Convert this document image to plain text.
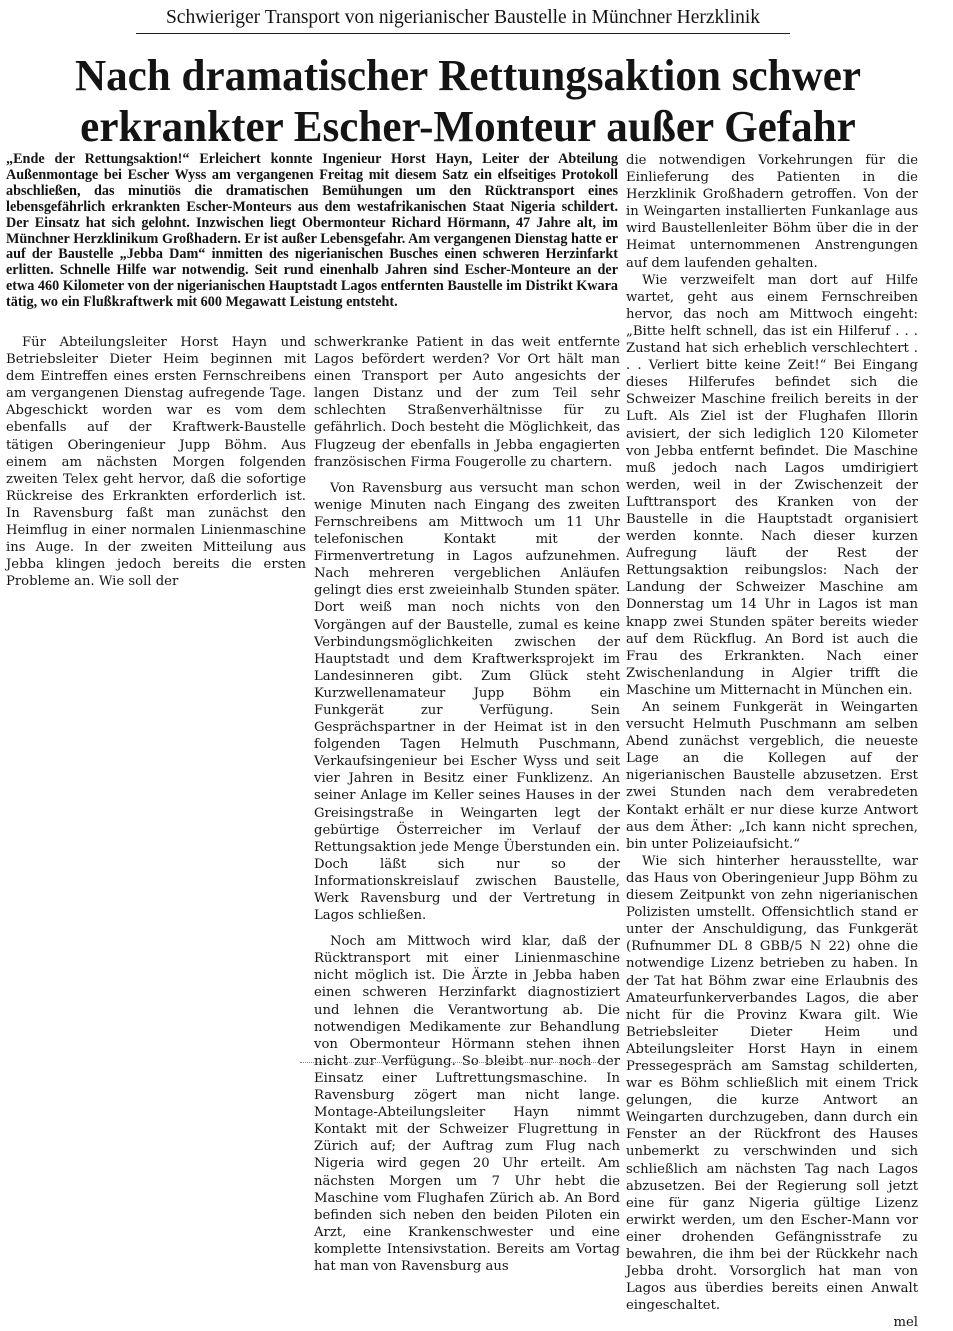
Schwieriger Transport von nigerianischer Baustelle in Münchner Herzklinik
Nach dramatischer Rettungsaktion schwer
erkrankter Escher-Monteur außer Gefahr

„Ende der Rettungsaktion!“ Erleichert konnte Ingenieur Horst Hayn, Leiter der Abteilung Außenmontage bei Escher Wyss am vergangenen Freitag mit diesem Satz ein elfseitiges Protokoll abschließen, das minutiös die dramatischen Bemühungen um den Rücktransport eines lebensgefährlich erkrankten Escher-Monteurs aus dem westafrikanischen Staat Nigeria schildert. Der Einsatz hat sich gelohnt. Inzwischen liegt Obermonteur Richard Hörmann, 47 Jahre alt, im Münchner Herzklinikum Großhadern. Er ist außer Lebensgefahr. Am vergangenen Dienstag hatte er auf der Baustelle „Jebba Dam“ inmitten des nigerianischen Busches einen schweren Herzinfarkt erlitten. Schnelle Hilfe war notwendig. Seit rund einenhalb Jahren sind Escher-Monteure an der etwa 460 Kilometer von der nigerianischen Hauptstadt Lagos entfernten Baustelle im Distrikt Kwara tätig, wo ein Flußkraftwerk mit 600 Megawatt Leistung entsteht.

Für Abteilungsleiter Horst Hayn und Betriebsleiter Dieter Heim beginnen mit dem Eintreffen eines ersten Fernschreibens am vergangenen Dienstag aufregende Tage. Abgeschickt worden war es vom dem ebenfalls auf der Kraftwerk-Baustelle tätigen Oberingenieur Jupp Böhm. Aus einem am nächsten Morgen folgenden zweiten Telex geht hervor, daß die sofortige Rückreise des Erkrankten erforderlich ist. In Ravensburg faßt man zunächst den Heimflug in einer normalen Linienmaschine ins Auge. In der zweiten Mitteilung aus Jebba klingen jedoch bereits die ersten Probleme an. Wie soll der

schwerkranke Patient in das weit entfernte Lagos befördert werden? Vor Ort hält man einen Transport per Auto angesichts der langen Distanz und der zum Teil sehr schlechten Straßenverhältnisse für zu gefährlich. Doch besteht die Möglichkeit, das Flugzeug der ebenfalls in Jebba engagierten französischen Firma Fougerolle zu chartern.

Von Ravensburg aus versucht man schon wenige Minuten nach Eingang des zweiten Fernschreibens am Mittwoch um 11 Uhr telefonischen Kontakt mit der Firmenvertretung in Lagos aufzunehmen. Nach mehreren vergeblichen Anläufen gelingt dies erst zweieinhalb Stunden später. Dort weiß man noch nichts von den Vorgängen auf der Baustelle, zumal es keine Verbindungsmöglichkeiten zwischen der Hauptstadt und dem Kraftwerksprojekt im Landesinneren gibt. Zum Glück steht Kurzwellenamateur Jupp Böhm ein Funkgerät zur Verfügung. Sein Gesprächspartner in der Heimat ist in den folgenden Tagen Helmuth Puschmann, Verkaufsingenieur bei Escher Wyss und seit vier Jahren in Besitz einer Funklizenz. An seiner Anlage im Keller seines Hauses in der Greisingstraße in Weingarten legt der gebürtige Österreicher im Verlauf der Rettungsaktion jede Menge Überstunden ein. Doch läßt sich nur so der Informationskreislauf zwischen Baustelle, Werk Ravensburg und der Vertretung in Lagos schließen.

Noch am Mittwoch wird klar, daß der Rücktransport mit einer Linienmaschine nicht möglich ist. Die Ärzte in Jebba haben einen schweren Herzinfarkt diagnostiziert und lehnen die Verantwortung ab. Die notwendigen Medikamente zur Behandlung von Obermonteur Hörmann stehen ihnen nicht zur Verfügung. So bleibt nur noch der Einsatz einer Luftrettungsmaschine. In Ravensburg zögert man nicht lange. Montage-Abteilungsleiter Hayn nimmt Kontakt mit der Schweizer Flugrettung in Zürich auf; der Auftrag zum Flug nach Nigeria wird gegen 20 Uhr erteilt. Am nächsten Morgen um 7 Uhr hebt die Maschine vom Flughafen Zürich ab. An Bord befinden sich neben den beiden Piloten ein Arzt, eine Krankenschwester und eine komplette Intensivstation. Bereits am Vortag hat man von Ravensburg aus

die notwendigen Vorkehrungen für die Einlieferung des Patienten in die Herzklinik Großhadern getroffen. Von der in Weingarten installierten Funkanlage aus wird Baustellenleiter Böhm über die in der Heimat unternommenen Anstrengungen auf dem laufenden gehalten.

Wie verzweifelt man dort auf Hilfe wartet, geht aus einem Fernschreiben hervor, das noch am Mittwoch eingeht: „Bitte helft schnell, das ist ein Hilferuf . . . Zustand hat sich erheblich verschlechtert . . . Verliert bitte keine Zeit!“ Bei Eingang dieses Hilferufes befindet sich die Schweizer Maschine freilich bereits in der Luft. Als Ziel ist der Flughafen Illorin avisiert, der sich lediglich 120 Kilometer von Jebba entfernt befindet. Die Maschine muß jedoch nach Lagos umdirigiert werden, weil in der Zwischenzeit der Lufttransport des Kranken von der Baustelle in die Hauptstadt organisiert werden konnte. Nach dieser kurzen Aufregung läuft der Rest der Rettungsaktion reibungslos: Nach der Landung der Schweizer Maschine am Donnerstag um 14 Uhr in Lagos ist man knapp zwei Stunden später bereits wieder auf dem Rückflug. An Bord ist auch die Frau des Erkrankten. Nach einer Zwischenlandung in Algier trifft die Maschine um Mitternacht in München ein.

An seinem Funkgerät in Weingarten versucht Helmuth Puschmann am selben Abend zunächst vergeblich, die neueste Lage an die Kollegen auf der nigerianischen Baustelle abzusetzen. Erst zwei Stunden nach dem verabredeten Kontakt erhält er nur diese kurze Antwort aus dem Äther: „Ich kann nicht sprechen, bin unter Polizeiaufsicht.“

Wie sich hinterher herausstellte, war das Haus von Oberingenieur Jupp Böhm zu diesem Zeitpunkt von zehn nigerianischen Polizisten umstellt. Offensichtlich stand er unter der Anschuldigung, das Funkgerät (Rufnummer DL 8 GBB/5 N 22) ohne die notwendige Lizenz betrieben zu haben. In der Tat hat Böhm zwar eine Erlaubnis des Amateurfunkerverbandes Lagos, die aber nicht für die Provinz Kwara gilt. Wie Betriebsleiter Dieter Heim und Abteilungsleiter Horst Hayn in einem Pressegespräch am Samstag schilderten, war es Böhm schließlich mit einem Trick gelungen, die kurze Antwort an Weingarten durchzugeben, dann durch ein Fenster an der Rückfront des Hauses unbemerkt zu verschwinden und sich schließlich am nächsten Tag nach Lagos abzusetzen. Bei der Regierung soll jetzt eine für ganz Nigeria gültige Lizenz erwirkt werden, um den Escher-Mann vor einer drohenden Gefängnisstrafe zu bewahren, die ihm bei der Rückkehr nach Jebba droht. Vorsorglich hat man von Lagos aus überdies bereits einen Anwalt eingeschaltet.

mel
